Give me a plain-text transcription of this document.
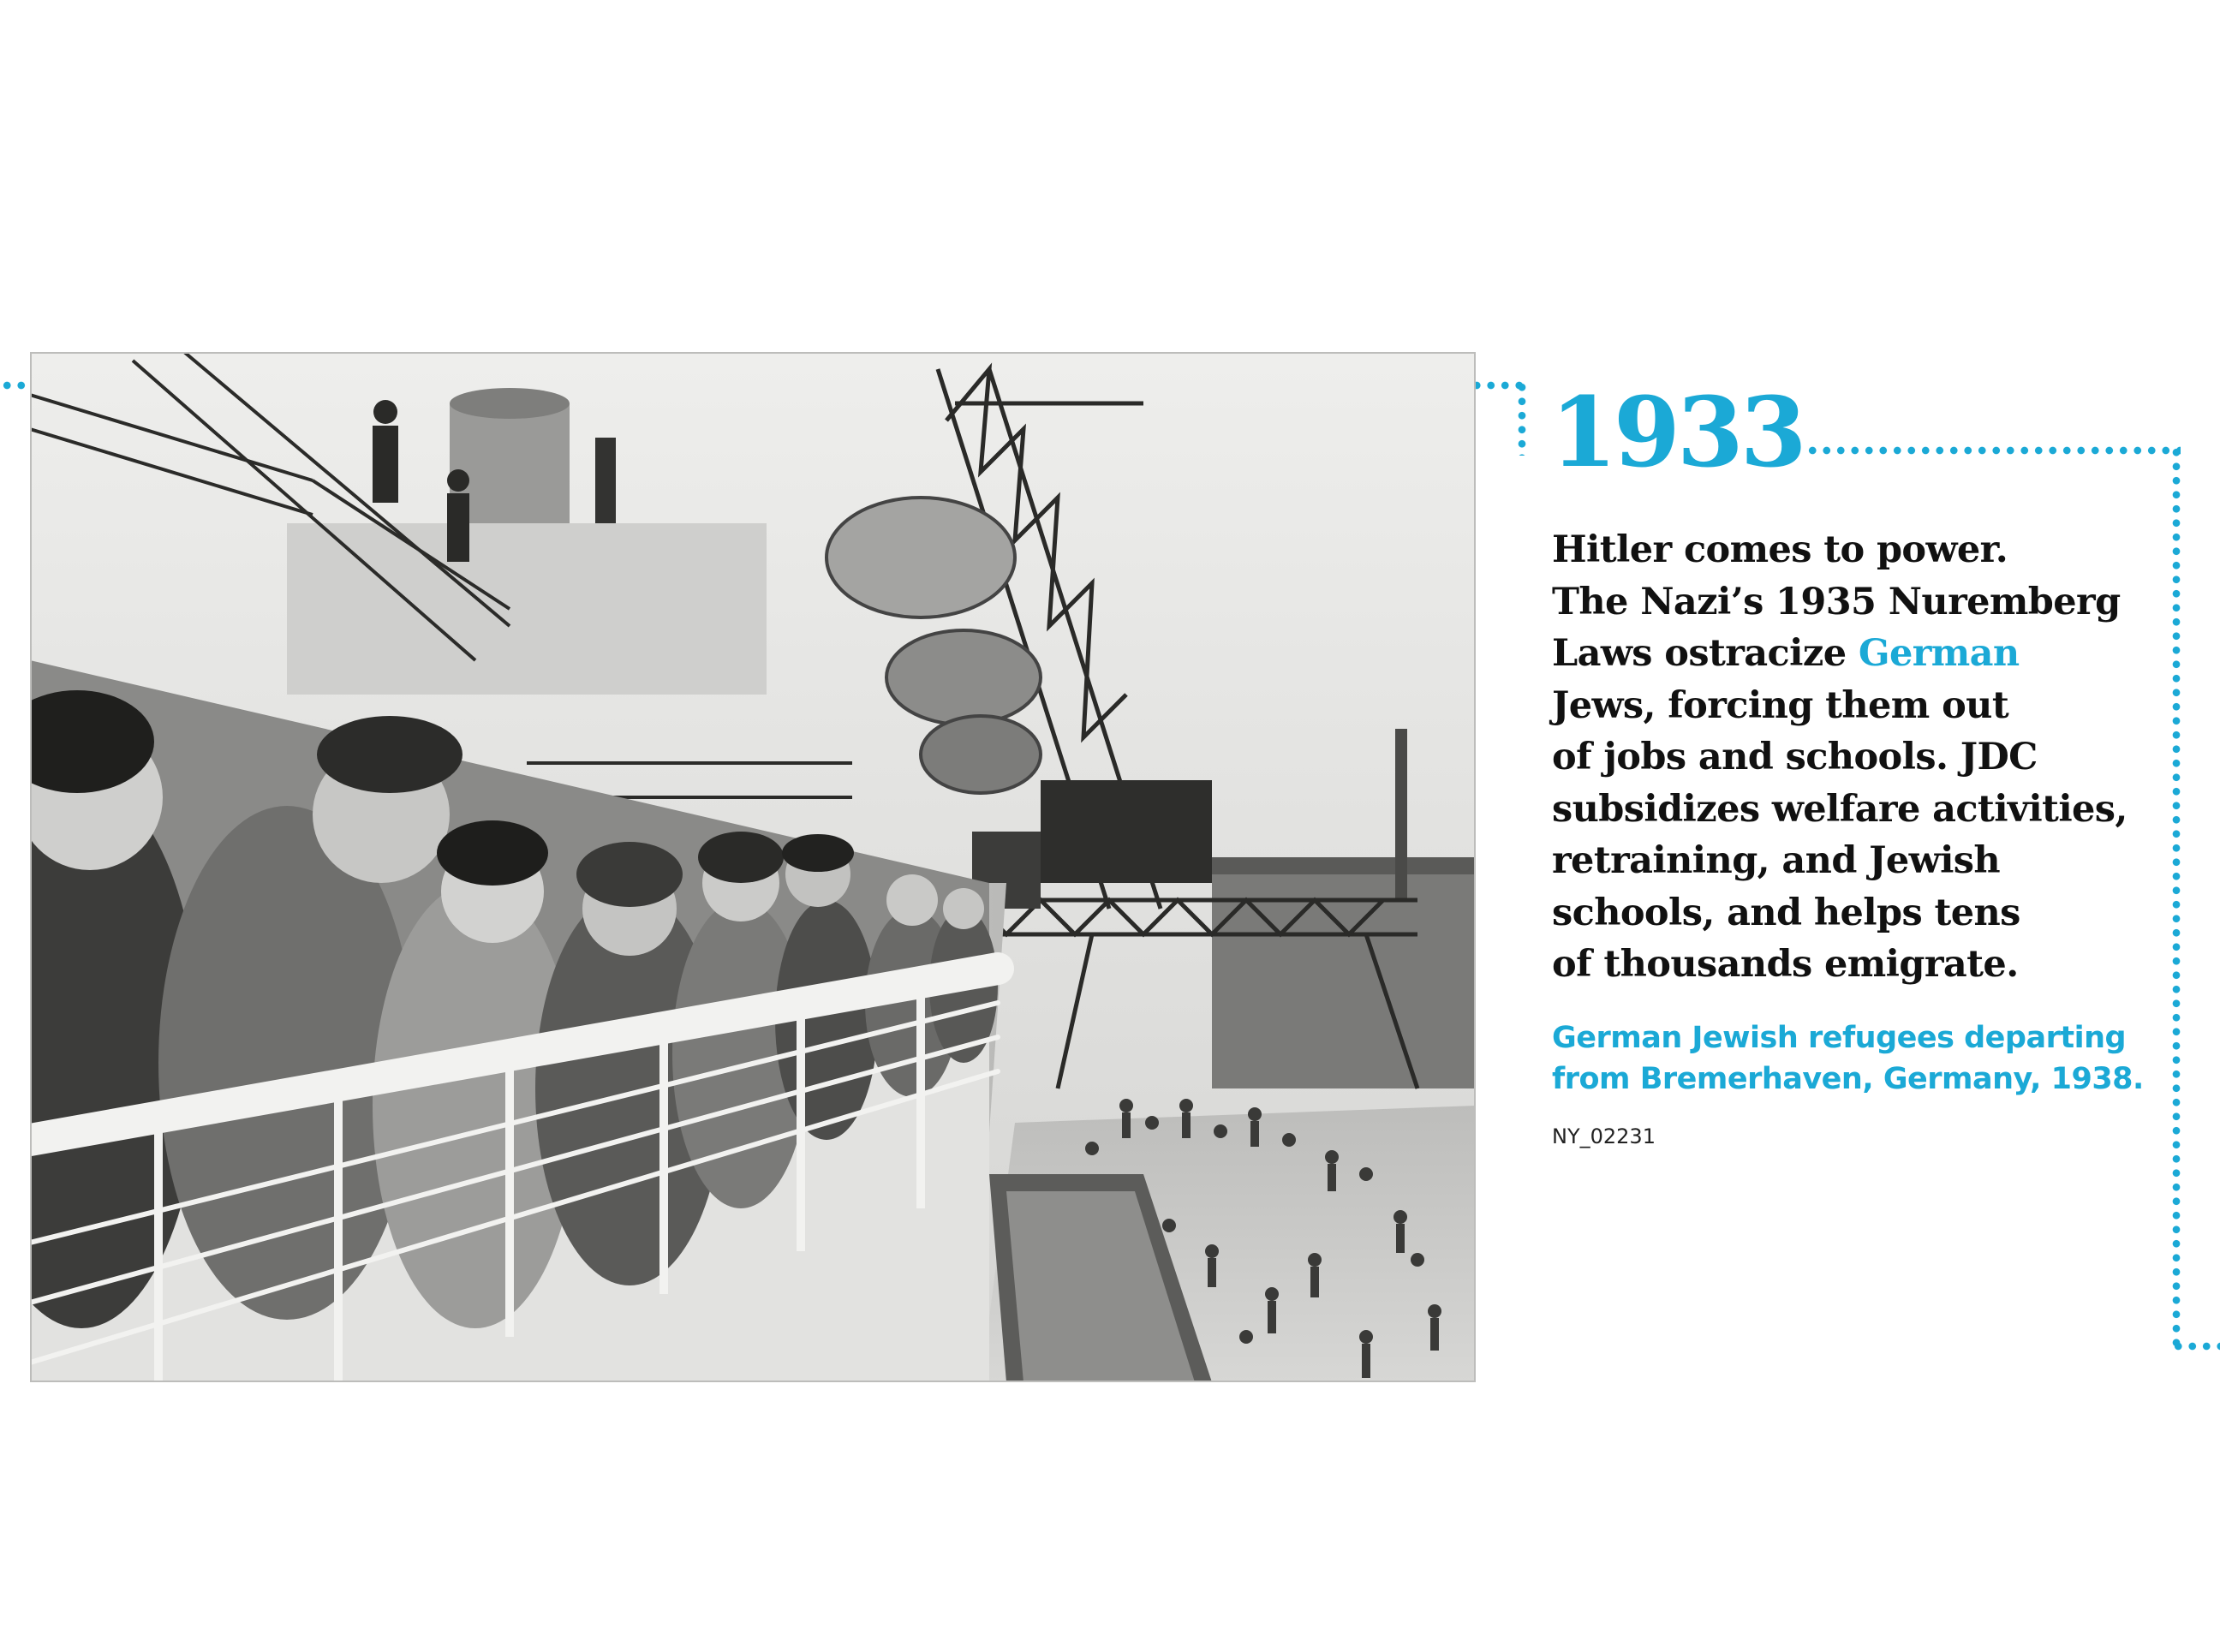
1933

Hitler comes to power.
The Nazi’s 1935 Nuremberg
Laws ostracize German
Jews, forcing them out
of jobs and schools. JDC
subsidizes welfare activities,
retraining, and Jewish
schools, and helps tens
of thousands emigrate.

German Jewish refugees departing
from Bremerhaven, Germany, 1938.

NY_02231
